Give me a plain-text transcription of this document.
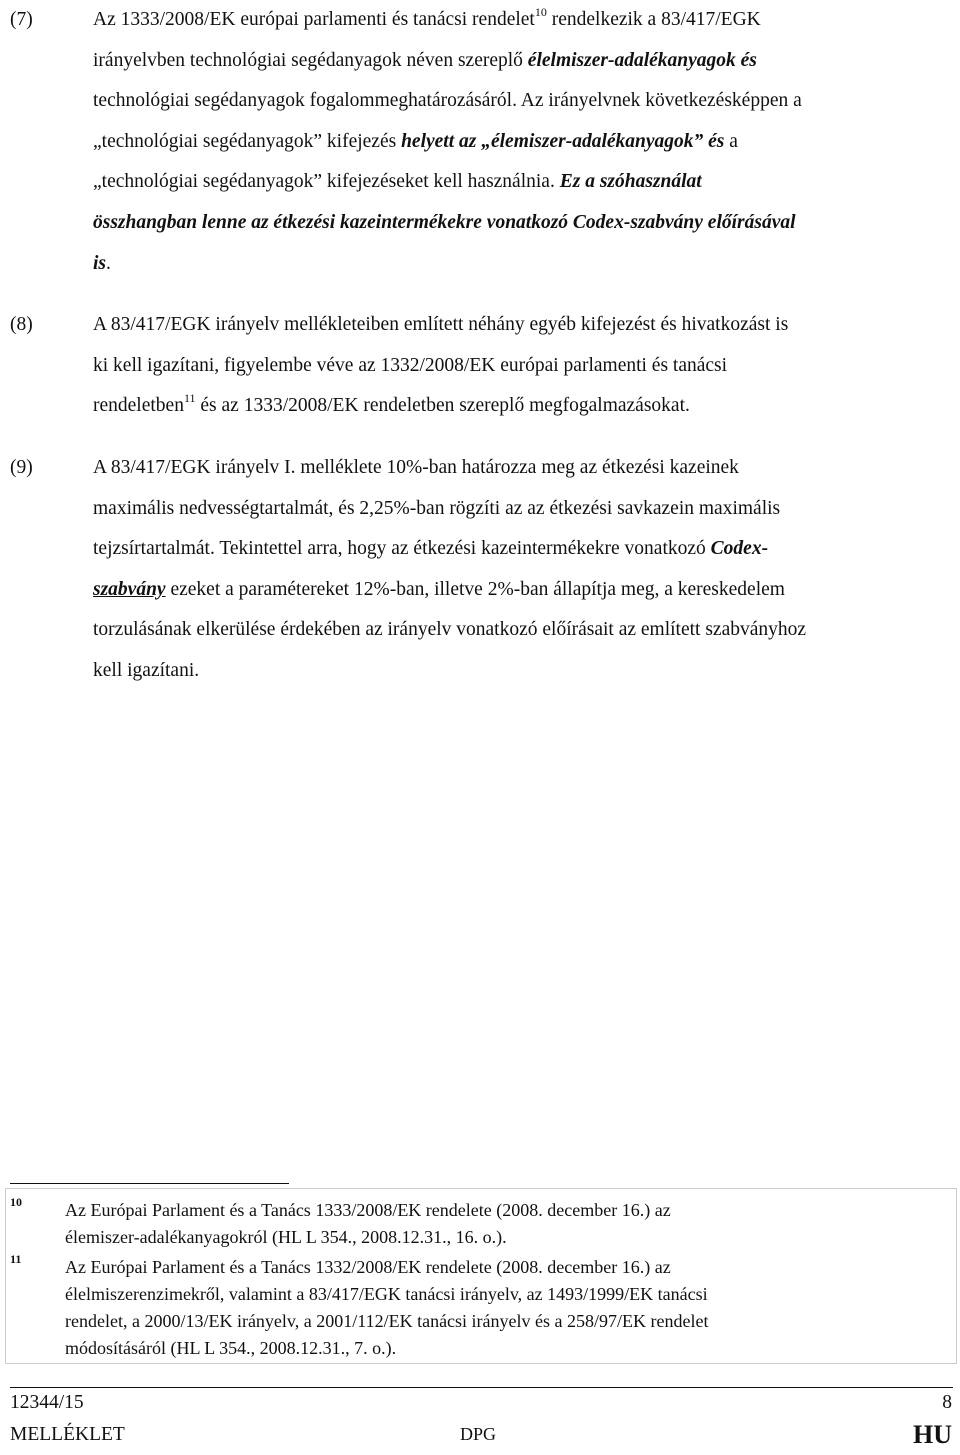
(7)	Az 1333/2008/EK európai parlamenti és tanácsi rendelet$^{10}$ rendelkezik a 83/417/EGK
irányelvben technológiai segédanyagok néven szereplő élelmiszer-adalékanyagok és
technológiai segédanyagok fogalommeghatározásáról. Az irányelvnek következésképpen a
„technológiai segédanyagok” kifejezés helyett az „élemiszer-adalékanyagok” és a
„technológiai segédanyagok” kifejezéseket kell használnia. Ez a szóhasználat
összhangban lenne az étkezési kazeintermékekre vonatkozó Codex-szabvány előírásával
is.
(8)	A 83/417/EGK irányelv mellékleteiben említett néhány egyéb kifejezést és hivatkozást is
ki kell igazítani, figyelembe véve az 1332/2008/EK európai parlamenti és tanácsi
rendeletben$^{11}$ és az 1333/2008/EK rendeletben szereplő megfogalmazásokat.
(9)	A 83/417/EGK irányelv I. melléklete 10%-ban határozza meg az étkezési kazeinek
maximális nedvességtartalmát, és 2,25%-ban rögzíti az az étkezési savkazein maximális
tejzsírtartalmát. Tekintettel arra, hogy az étkezési kazeintermékekre vonatkozó Codex-
szabvány ezeket a paramétereket 12%-ban, illetve 2%-ban állapítja meg, a kereskedelem
torzulásának elkerülése érdekében az irányelv vonatkozó előírásait az említett szabványhoz
kell igazítani.
10 Az Európai Parlament és a Tanács 1333/2008/EK rendelete (2008. december 16.) az
élemiszer-adalékanyagokról (HL L 354., 2008.12.31., 16. o.).
11 Az Európai Parlament és a Tanács 1332/2008/EK rendelete (2008. december 16.) az
élelmiszerenzimekről, valamint a 83/417/EGK tanácsi irányelv, az 1493/1999/EK tanácsi
rendelet, a 2000/13/EK irányelv, a 2001/112/EK tanácsi irányelv és a 258/97/EK rendelet
módosításáról (HL L 354., 2008.12.31., 7. o.).
12344/15	8
MELLÉKLET	DPG	HU
